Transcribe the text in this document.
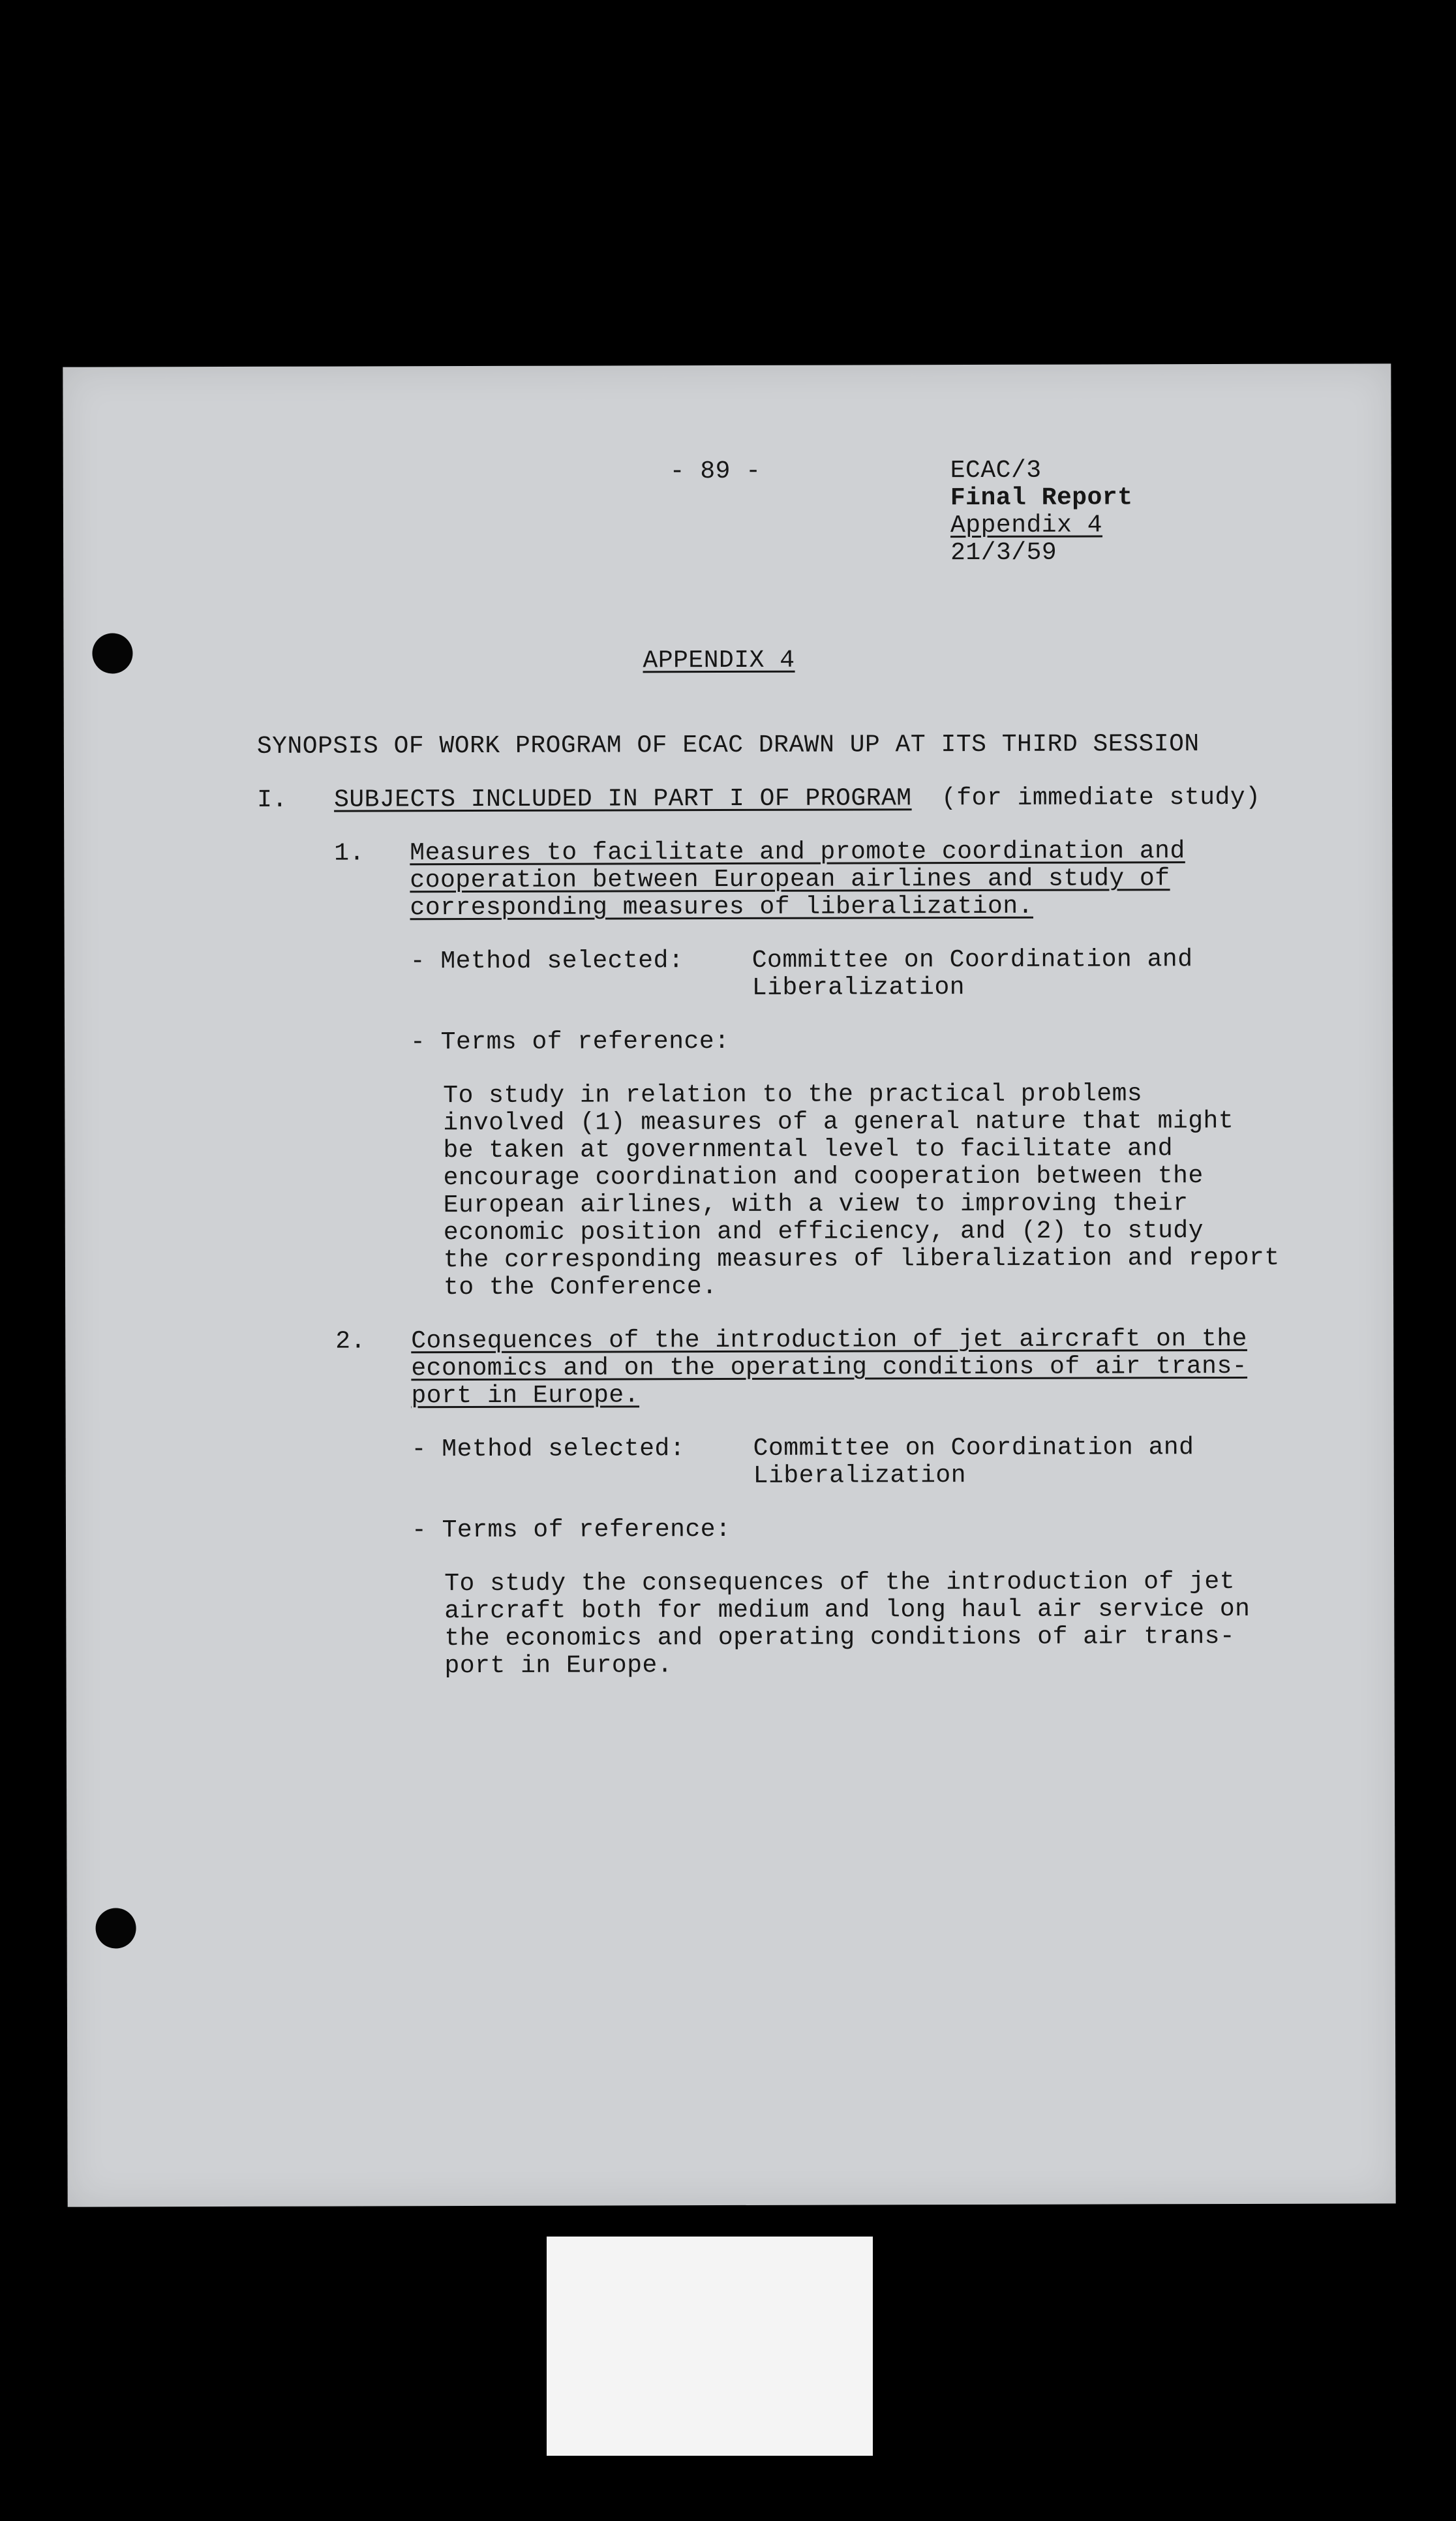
- 89 -	ECAC/3
Final Report
Appendix 4
21/3/59
APPENDIX 4
SYNOPSIS OF WORK PROGRAM OF ECAC DRAWN UP AT ITS THIRD SESSION
I. SUBJECTS INCLUDED IN PART I OF PROGRAM (for immediate study)
1. Measures to facilitate and promote coordination and
cooperation between European airlines and study of
corresponding measures of liberalization.
- Method selected:	Committee on Coordination and
Liberalization
- Terms of reference:
To study in relation to the practical problems
involved (1) measures of a general nature that might
be taken at governmental level to facilitate and
encourage coordination and cooperation between the
European airlines, with a view to improving their
economic position and efficiency, and (2) to study
the corresponding measures of liberalization and report
to the Conference.
2. Consequences of the introduction of jet aircraft on the
economics and on the operating conditions of air trans-
port in Europe.
- Method selected:	Committee on Coordination and
Liberalization
- Terms of reference:
To study the consequences of the introduction of jet
aircraft both for medium and long haul air service on
the economics and operating conditions of air trans-
port in Europe.
